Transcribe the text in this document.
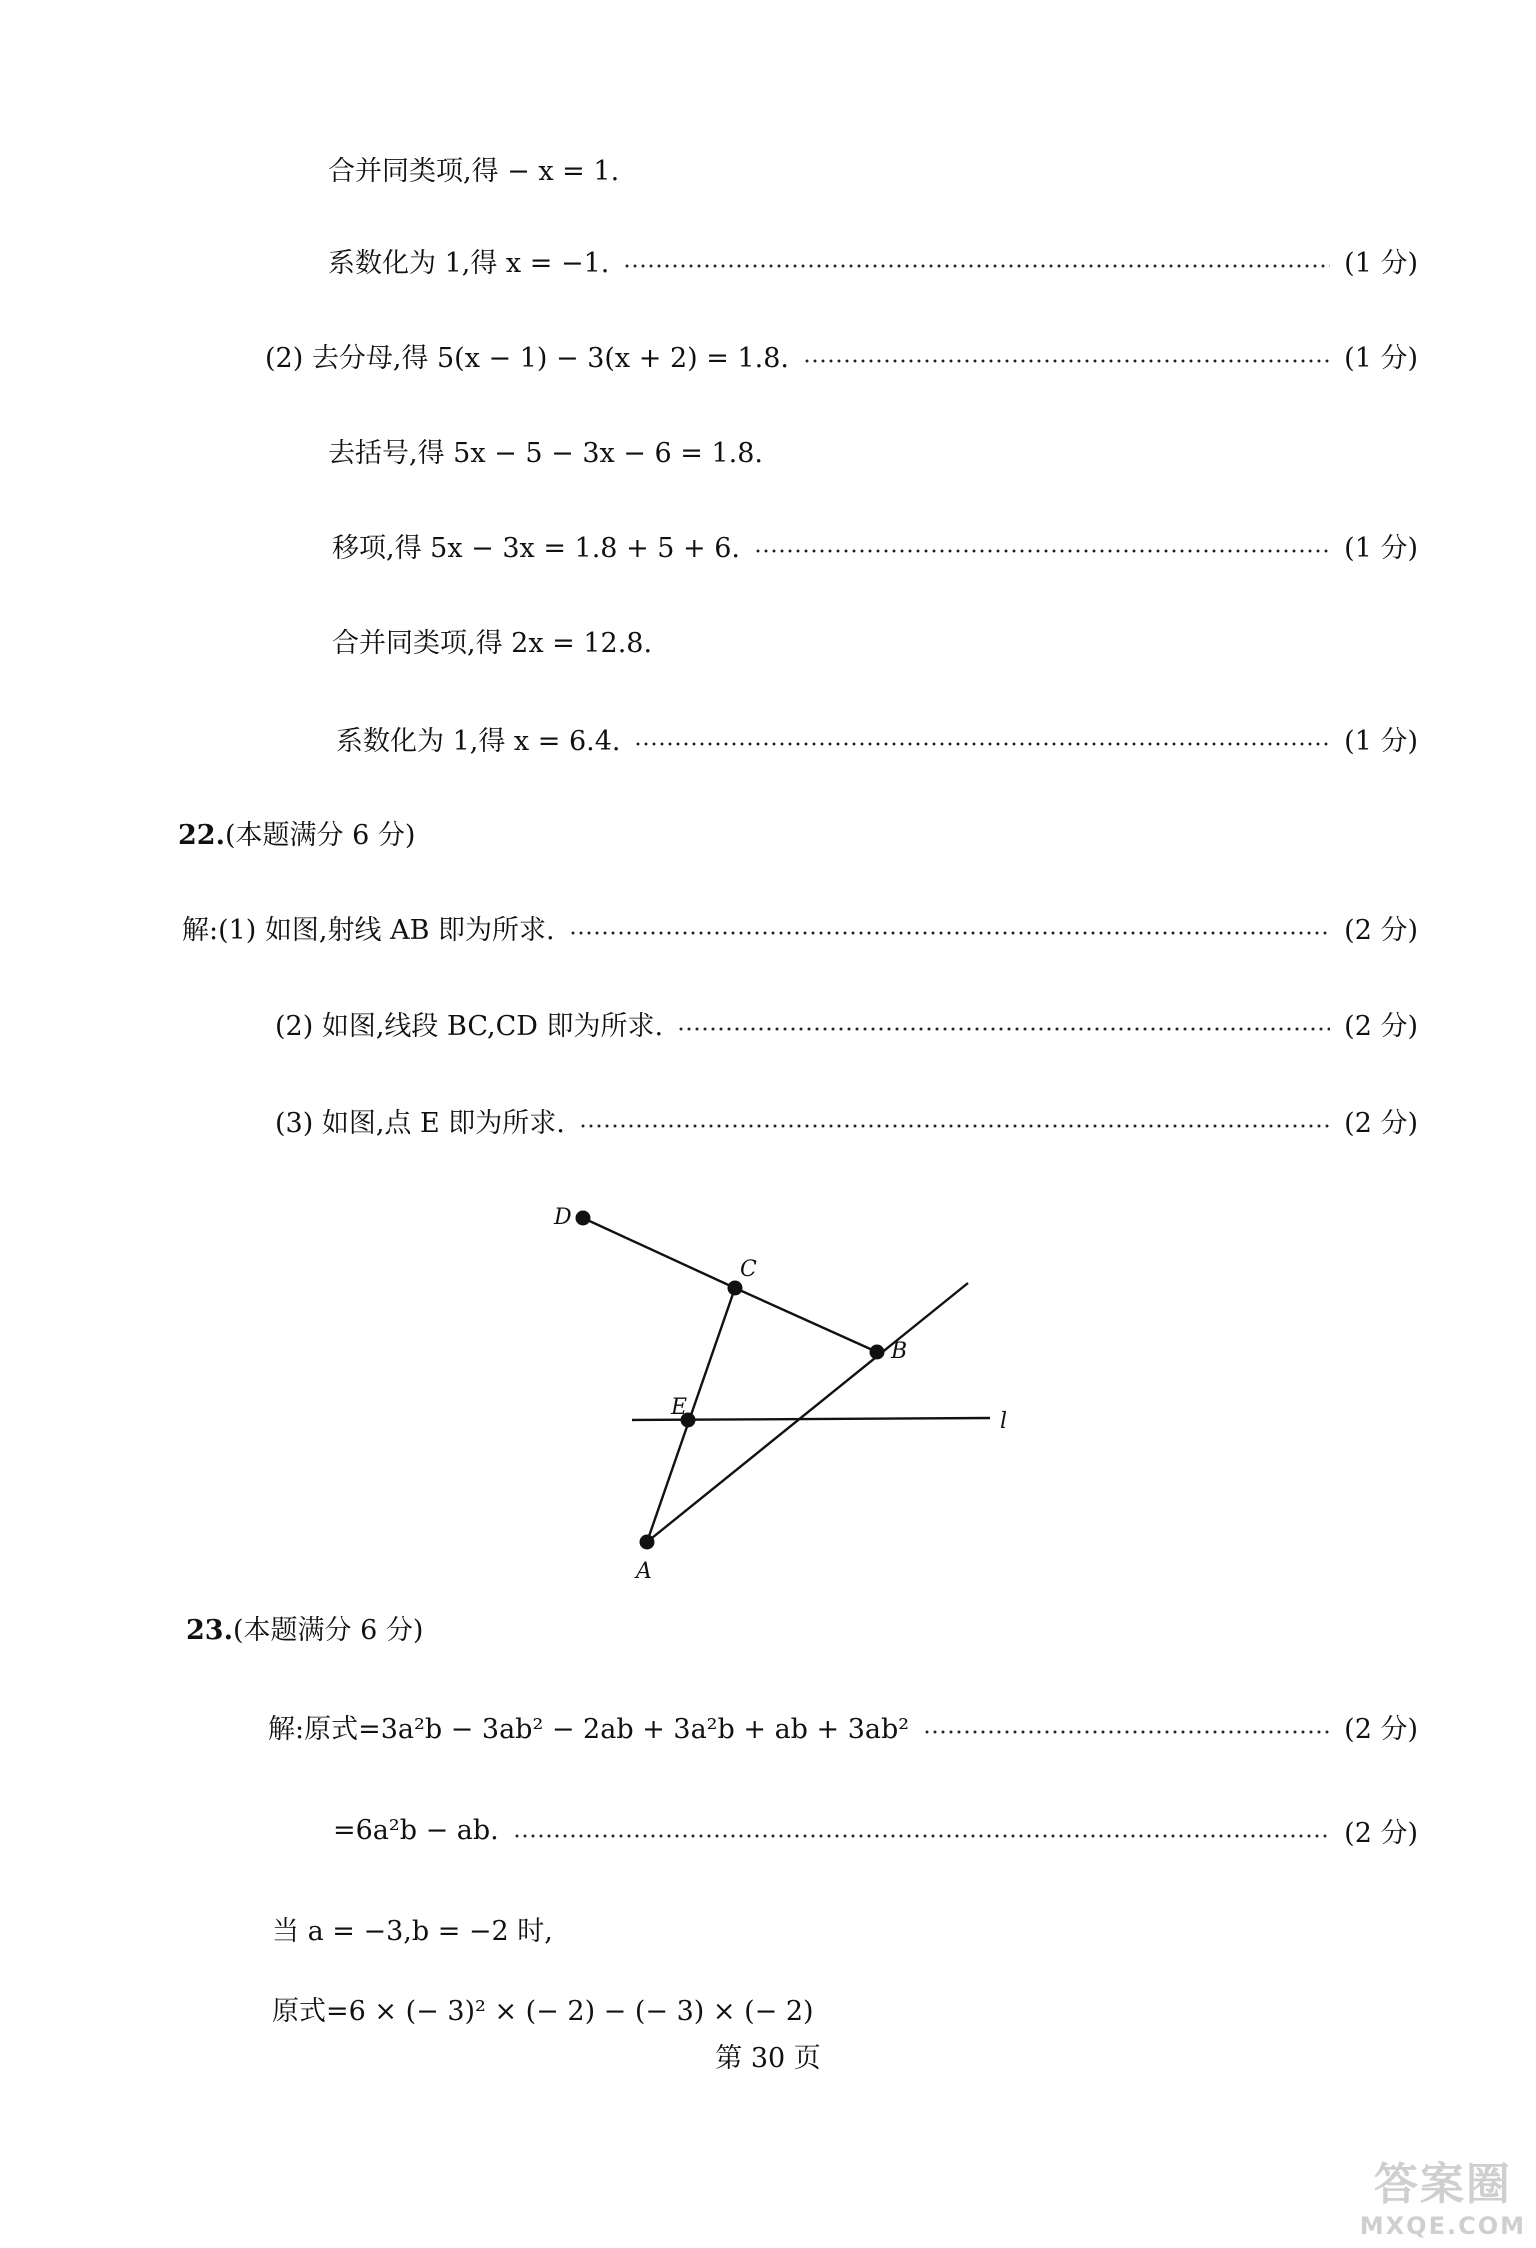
合并同类项,得 − x = 1.
系数化为 1,得 x = −1.	(1 分)
(2) 去分母,得 5(x − 1) − 3(x + 2) = 1.8.	(1 分)
去括号,得 5x − 5 − 3x − 6 = 1.8.
移项,得 5x − 3x = 1.8 + 5 + 6.	(1 分)
合并同类项,得 2x = 12.8.
系数化为 1,得 x = 6.4.	(1 分)
22.(本题满分 6 分)
解:(1) 如图,射线 AB 即为所求.	(2 分)
(2) 如图,线段 BC,CD 即为所求.	(2 分)
(3) 如图,点 E 即为所求.	(2 分)
D
C
B
E
A
l
23.(本题满分 6 分)
解:原式=3a²b − 3ab² − 2ab + 3a²b + ab + 3ab²	(2 分)
=6a²b − ab.	(2 分)
当 a = −3,b = −2 时,
原式=6 × (− 3)² × (− 2) − (− 3) × (− 2)
第 30 页
答案圈
MXQE.COM
